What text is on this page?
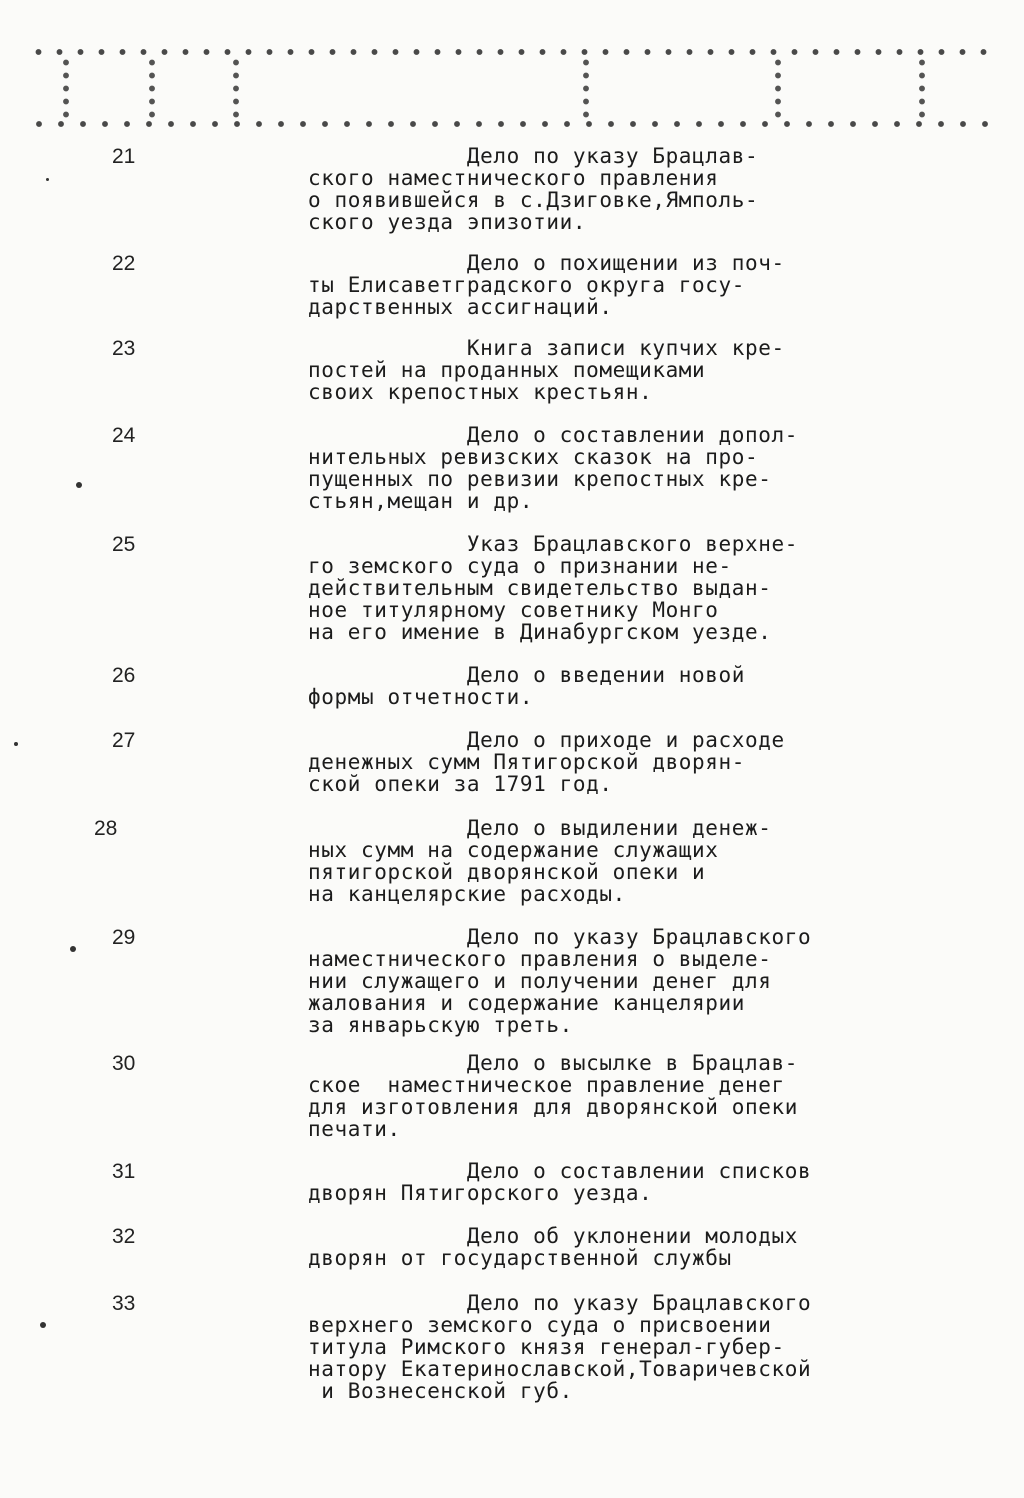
21	Дело по указу Брацлав-
ского наместнического правления
о появившейся в с.Дзиговке,Ямполь-
ского уезда эпизотии.

22	Дело о похищении из поч-
ты Елисаветградского округа госу-
дарственных ассигнаций.

23	Книга записи купчих кре-
постей на проданных помещиками
своих крепостных крестьян.

24	Дело о составлении допол-
нительных ревизских сказок на про-
пущенных по ревизии крепостных кре-
стьян,мещан и др.

25	Указ Брацлавского верхне-
го земского суда о признании не-
действительным свидетельство выдан-
ное титулярному советнику Монго
на его имение в Динабургском уезде.

26	Дело о введении новой
формы отчетности.

27	Дело о приходе и расходе
денежных сумм Пятигорской дворян-
ской опеки за 1791 год.

28	Дело о выдилении денеж-
ных сумм на содержание служащих
пятигорской дворянской опеки и
на канцелярские расходы.

29	Дело по указу Брацлавского
наместнического правления о выделе-
нии служащего и получении денег для
жалования и содержание канцелярии
за январьскую треть.

30	Дело о высылке в Брацлав-
ское  наместническое правление денег
для изготовления для дворянской опеки
печати.

31	Дело о составлении списков
дворян Пятигорского уезда.

32	Дело об уклонении молодых
дворян от государственной службы

33	Дело по указу Брацлавского
верхнего земского суда о присвоении
титула Римского князя генерал-губер-
натору Екатеринославской,Товаричевской
и Вознесенской губ.
